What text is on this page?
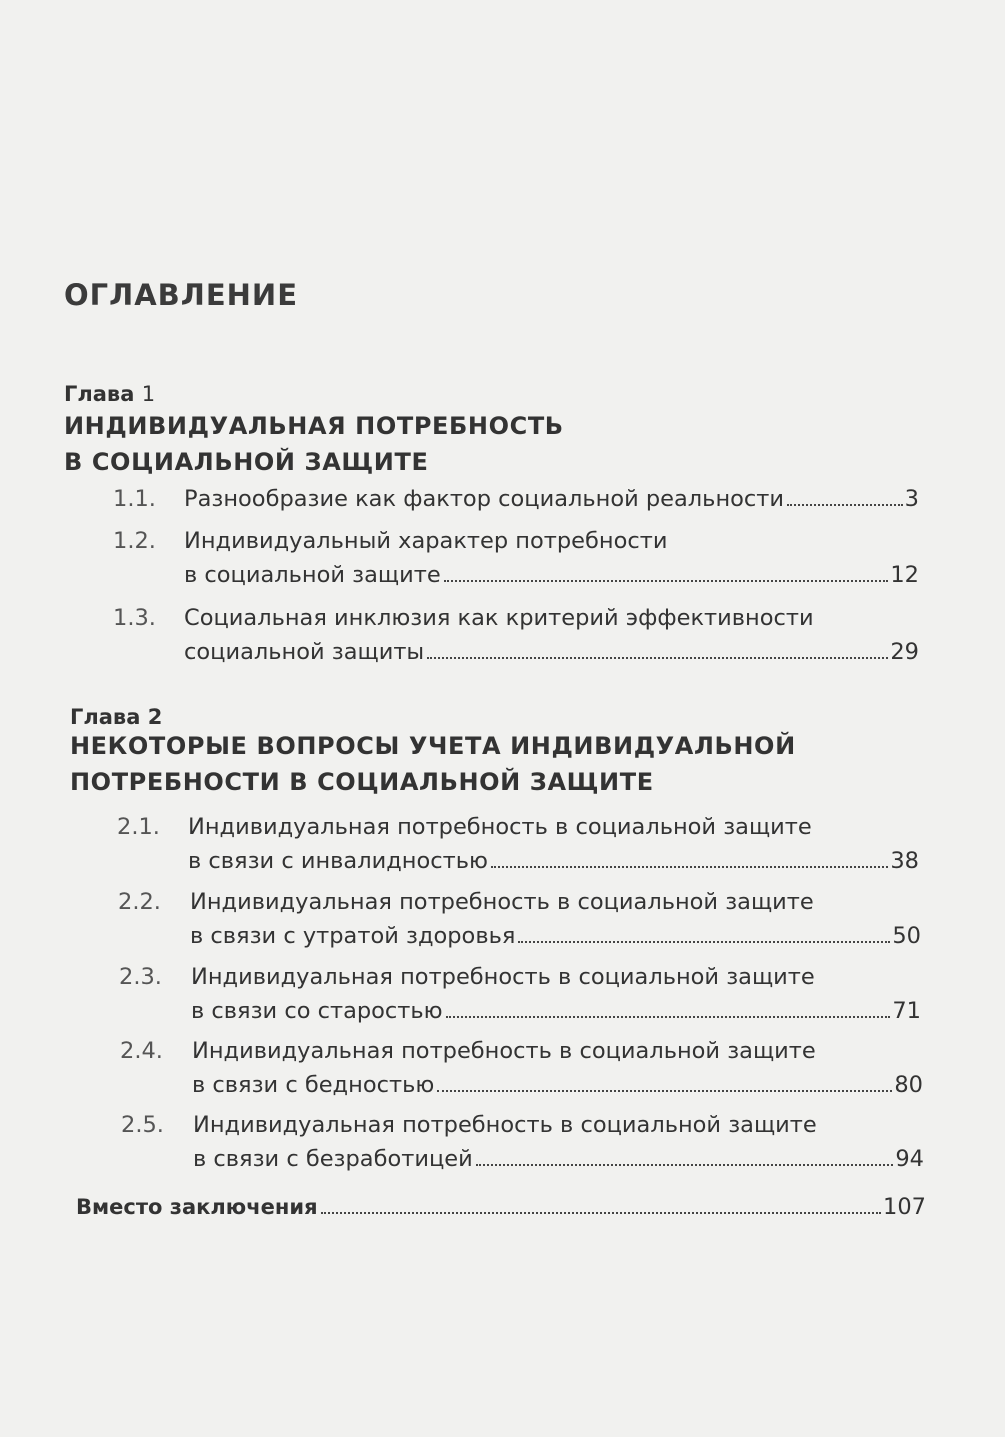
ОГЛАВЛЕНИЕ
Глава 1
ИНДИВИДУАЛЬНАЯ ПОТРЕБНОСТЬ
В СОЦИАЛЬНОЙ ЗАЩИТЕ
1.1.	Разнообразие как фактор социальной реальности	3
1.2.	Индивидуальный характер потребности
в социальной защите	12
1.3.	Социальная инклюзия как критерий эффективности
социальной защиты	29
Глава 2
НЕКОТОРЫЕ ВОПРОСЫ УЧЕТА ИНДИВИДУАЛЬНОЙ
ПОТРЕБНОСТИ В СОЦИАЛЬНОЙ ЗАЩИТЕ
2.1.	Индивидуальная потребность в социальной защите
в связи с инвалидностью	38
2.2.	Индивидуальная потребность в социальной защите
в связи с утратой здоровья	50
2.3.	Индивидуальная потребность в социальной защите
в связи со старостью	71
2.4.	Индивидуальная потребность в социальной защите
в связи с бедностью	80
2.5.	Индивидуальная потребность в социальной защите
в связи с безработицей	94
Вместо заключения	107
